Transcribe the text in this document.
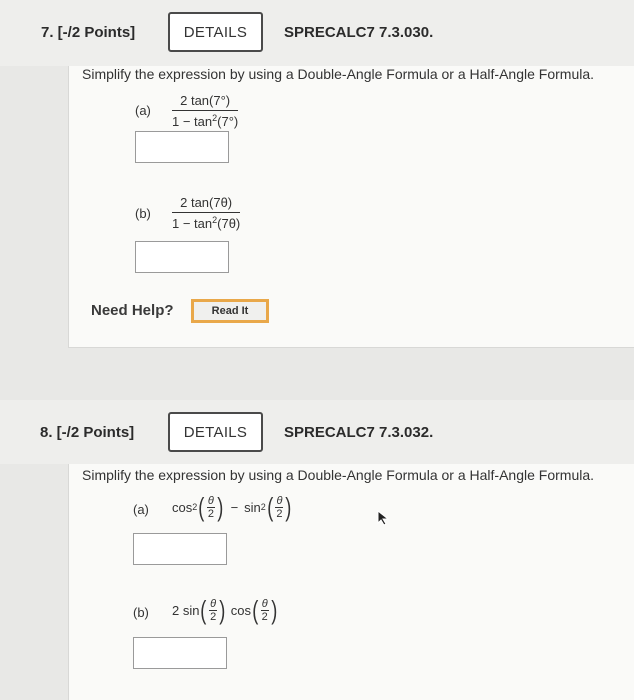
7. [-/2 Points]	DETAILS	SPRECALC7 7.3.030.
Simplify the expression by using a Double-Angle Formula or a Half-Angle Formula.
$(a) \frac{2 \tan(7^\circ)}{1 - \tan^2(7^\circ)}$
$(b) \frac{2 \tan(7\theta)}{1 - \tan^2(7\theta)}$
Need Help?	Read It
8. [-/2 Points]	DETAILS	SPRECALC7 7.3.032.
Simplify the expression by using a Double-Angle Formula or a Half-Angle Formula.
(a) cos 2 ( θ
2 ) − sin 2 ( θ
2 )
(b) 2 sin ( θ
2 ) cos ( θ
2 )
